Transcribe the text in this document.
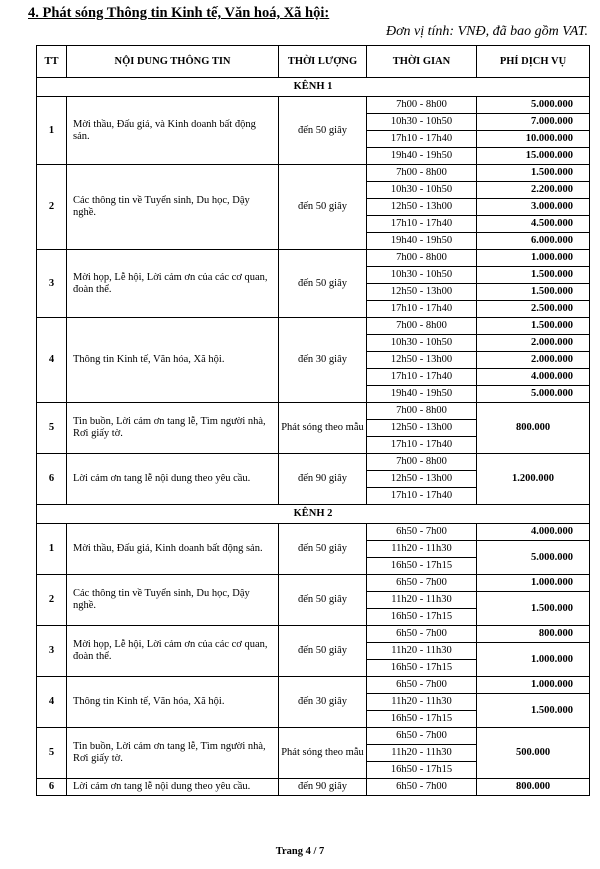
4. Phát sóng Thông tin Kinh tế, Văn hoá, Xã hội:
Đơn vị tính: VNĐ, đã bao gồm VAT.
TT	NỘI DUNG THÔNG TIN	THỜI LƯỢNG	THỜI GIAN	PHÍ DỊCH VỤ
KÊNH 1				
1	Mời thầu, Đấu giá, và Kinh doanh bất động sản.	đến 50 giây	7h00 - 8h00	5.000.000
			10h30 - 10h50	7.000.000
			17h10 - 17h40	10.000.000
			19h40 - 19h50	15.000.000
2	Các thông tin về Tuyển sinh, Du học, Dậy nghề.	đến 50 giây	7h00 - 8h00	1.500.000
			10h30 - 10h50	2.200.000
			12h50 - 13h00	3.000.000
			17h10 - 17h40	4.500.000
			19h40 - 19h50	6.000.000
3	Mời họp, Lễ hội, Lời cảm ơn của các cơ quan, đoàn thể.	đến 50 giây	7h00 - 8h00	1.000.000
			10h30 - 10h50	1.500.000
			12h50 - 13h00	1.500.000
			17h10 - 17h40	2.500.000
4	Thông tin Kinh tế, Văn hóa, Xã hội.	đến 30 giây	7h00 - 8h00	1.500.000
			10h30 - 10h50	2.000.000
			12h50 - 13h00	2.000.000
			17h10 - 17h40	4.000.000
			19h40 - 19h50	5.000.000
5	Tin buồn, Lời cảm ơn tang lễ, Tìm người nhà, Rơi giấy tờ.	Phát sóng theo mẫu	7h00 - 8h00	800.000
			12h50 - 13h00	
			17h10 - 17h40	
6	Lời cảm ơn tang lễ nội dung theo yêu cầu.	đến 90 giây	7h00 - 8h00	1.200.000
			12h50 - 13h00	
			17h10 - 17h40	
KÊNH 2				
1	Mời thầu, Đấu giá, Kinh doanh bất động sản.	đến 50 giây	6h50 - 7h00	4.000.000
			11h20 - 11h30	5.000.000
			16h50 - 17h15	
2	Các thông tin về Tuyển sinh, Du học, Dậy nghề.	đến 50 giây	6h50 - 7h00	1.000.000
			11h20 - 11h30	1.500.000
			16h50 - 17h15	
3	Mời họp, Lễ hội, Lời cảm ơn của các cơ quan, đoàn thể.	đến 50 giây	6h50 - 7h00	800.000
			11h20 - 11h30	1.000.000
			16h50 - 17h15	
4	Thông tin Kinh tế, Văn hóa, Xã hội.	đến 30 giây	6h50 - 7h00	1.000.000
			11h20 - 11h30	1.500.000
			16h50 - 17h15	
5	Tin buồn, Lời cảm ơn tang lễ, Tìm người nhà, Rơi giấy tờ.	Phát sóng theo mẫu	6h50 - 7h00	500.000
			11h20 - 11h30	
			16h50 - 17h15	
6	Lời cảm ơn tang lễ nội dung theo yêu cầu.	đến 90 giây	6h50 - 7h00	800.000
Trang 4 / 7
